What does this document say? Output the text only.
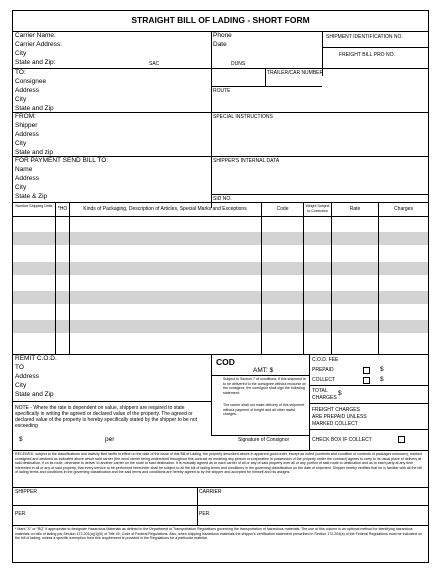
STRAIGHT BILL OF LADING - SHORT FORM
Carrier Name:
Carrier Address:
City
State and Zip:	SAC
Phone
Date
DUNS
SHIPMENT IDENTIFICATION NO.
FREIGHT BILL PRO NO.
TO:
Consignee
Address
City
State and Zip
TRAILER/CAR NUMBER
ROUTE
FROM:
Shipper
Address
City
State and zip
SPECIAL INSTRUCTIONS
FOR PAYMENT SEND BILL TO:
Name
Address
City
State & Zip
SHIPPER'S INTERNAL DATA
SID NO.
Number Shipping Units	*HO	Kinds of Packaging, Description of Articles, Special Marks and Exceptions	Code	Weight Subject to Correction	Rate	Charges
REMIT C.O.D.
TO
Address
City
State and Zip
COD
AMT: $
Subject to Section 7 of conditions, if this shipment is to be delivered to the consignee without recourse on the consignor, the consignor shall sign the following statement:
The carrier shall not make delivery of this shipment without payment of freight and all other lawful charges.
C.O.D. FEE
PREPAID	$
COLLECT	$
TOTAL
CHARGES
$
NOTE - Where the rate is dependent on value, shippers are required to state specifically in writing the agreed or declared value of the property. The agreed or declared value of the property is hereby specifically stated by the shipper to be not exceeding
$	per
FREIGHT CHARGES
ARE PREPAID UNLESS
MARKED COLLECT
Signature of Consignor	CHECK BOX IF COLLECT
RECEIVED, subject to the classifications and lawfully filed tariffs in effect on the date of the issue of this Bill of Lading, the property described above in apparent good order, except as noted (contents and condition of contents of packages unknown), marked consigned and destined as indicated above which said carrier (the word carrier being understood throughout this contract as meaning any person or corporation in possession of the property under the contract) agrees to carry to its usual place of delivery at said destination, if on its route, otherwise to deliver to another carrier on the route to said destination. It is mutually agreed as to each carrier of all or any of said property over all or any portion of said route to destination and as to each party at any time interested in all or any of said property, that every service to be performed hereunder shall be subject to all the bill of lading terms and conditions in the governing classification on the date of shipment. Shipper hereby certifies that he is familiar with all the bill of lading terms and conditions in the governing classification and the said terms and conditions are hereby agreed to by the shipper and accepted for himself and his assigns.
SHIPPER	CARRIER
PER	PER
* Mark "X" or "RQ" if appropriate to designate Hazardous Materials as defined in the Department of Transportation Regulations governing the transportation of hazardous materials. The use of this column is an optional method for identifying hazardous materials on bills of lading per Section 172.201(a)(1)(iii) of Title 49, Code of Federal Regulations. Also, when shipping hazardous materials the shipper's certification statement prescribed in Section 172.204(a) of the Federal Regulations must be indicated on the bill of lading, unless a specific exemption from this requirement is provided in the Regulations for a particular material.
